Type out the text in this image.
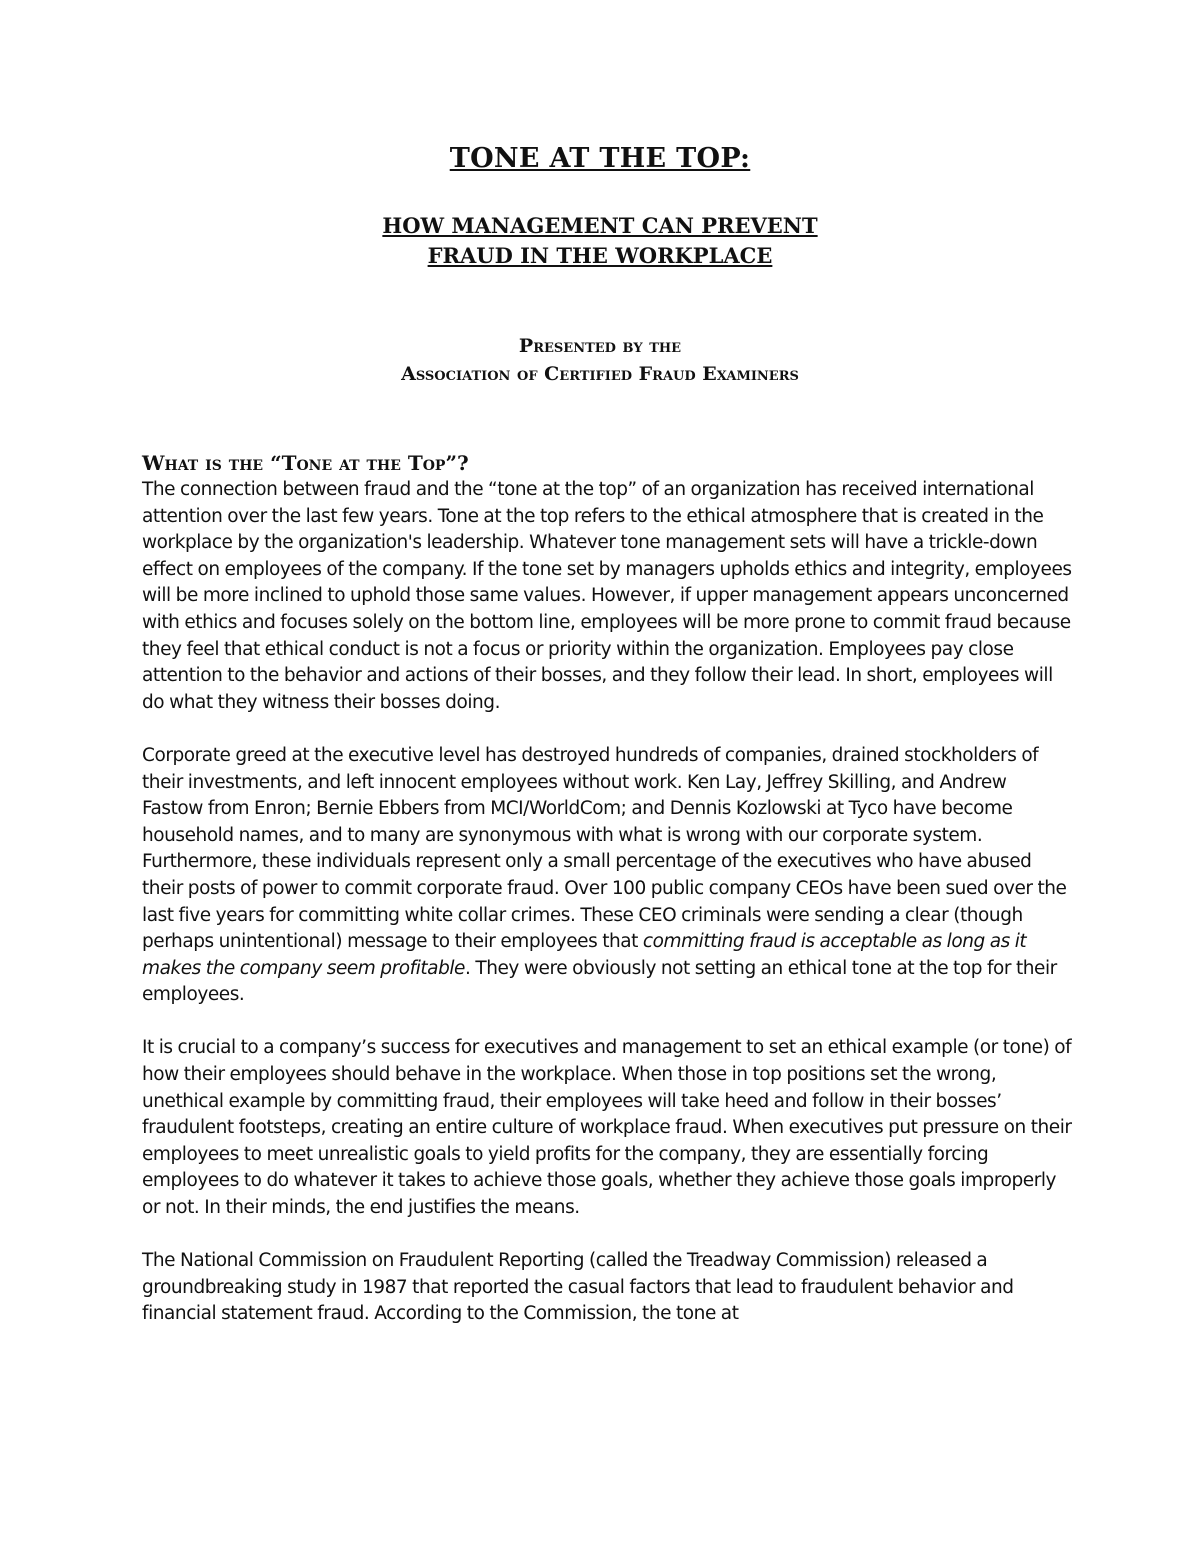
TONE AT THE TOP:
HOW MANAGEMENT CAN PREVENT
FRAUD IN THE WORKPLACE
Presented by the
Association of Certified Fraud Examiners
What is the “Tone at the Top”?

The connection between fraud and the “tone at the top” of an organization has received international attention over the last few years. Tone at the top refers to the ethical atmosphere that is created in the workplace by the organization's leadership. Whatever tone management sets will have a trickle-down effect on employees of the company. If the tone set by managers upholds ethics and integrity, employees will be more inclined to uphold those same values. However, if upper management appears unconcerned with ethics and focuses solely on the bottom line, employees will be more prone to commit fraud because they feel that ethical conduct is not a focus or priority within the organization. Employees pay close attention to the behavior and actions of their bosses, and they follow their lead. In short, employees will do what they witness their bosses doing.

Corporate greed at the executive level has destroyed hundreds of companies, drained stockholders of their investments, and left innocent employees without work. Ken Lay, Jeffrey Skilling, and Andrew Fastow from Enron; Bernie Ebbers from MCI/WorldCom; and Dennis Kozlowski at Tyco have become household names, and to many are synonymous with what is wrong with our corporate system. Furthermore, these individuals represent only a small percentage of the executives who have abused their posts of power to commit corporate fraud. Over 100 public company CEOs have been sued over the last five years for committing white collar crimes. These CEO criminals were sending a clear (though perhaps unintentional) message to their employees that committing fraud is acceptable as long as it makes the company seem profitable. They were obviously not setting an ethical tone at the top for their employees.

It is crucial to a company’s success for executives and management to set an ethical example (or tone) of how their employees should behave in the workplace. When those in top positions set the wrong, unethical example by committing fraud, their employees will take heed and follow in their bosses’ fraudulent footsteps, creating an entire culture of workplace fraud. When executives put pressure on their employees to meet unrealistic goals to yield profits for the company, they are essentially forcing employees to do whatever it takes to achieve those goals, whether they achieve those goals improperly or not. In their minds, the end justifies the means.

The National Commission on Fraudulent Reporting (called the Treadway Commission) released a groundbreaking study in 1987 that reported the casual factors that lead to fraudulent behavior and financial statement fraud. According to the Commission, the tone at
